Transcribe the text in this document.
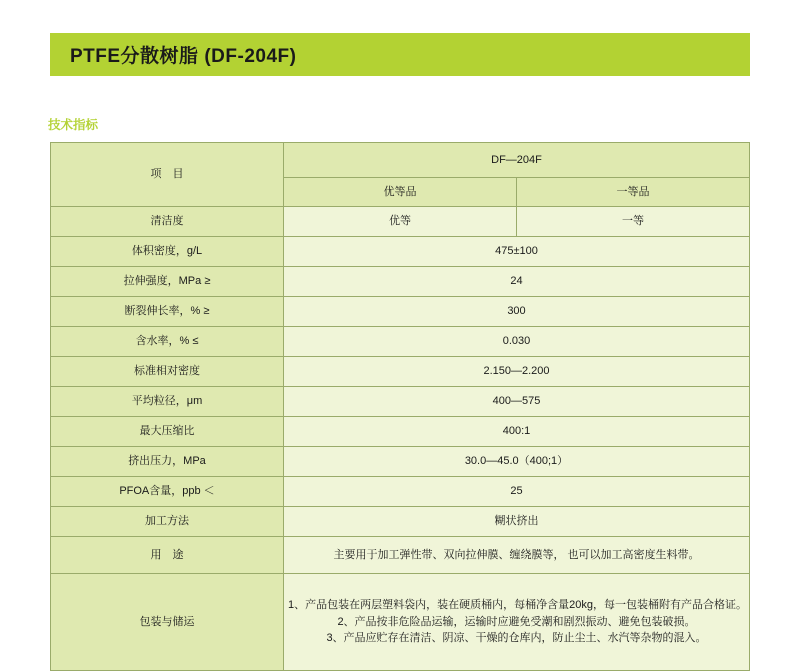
PTFE分散树脂 (DF-204F)
技术指标
项　目	DF—204F	
	优等品	一等品
清洁度	优等	一等
体积密度，g/L	475±100	
拉伸强度，MPa ≥	24	
断裂伸长率，% ≥	300	
含水率，% ≤	0.030	
标准相对密度	2.150—2.200	
平均粒径，μm	400—575	
最大压缩比	400:1	
挤出压力，MPa	30.0—45.0（400;1）	
PFOA含量，ppb ＜	25	
加工方法	糊状挤出	
用　途	主要用于加工弹性带、双向拉伸膜、缠绕膜等， 也可以加工高密度生料带。	
包装与储运	1、产品包装在两层塑料袋内，装在硬质桶内，每桶净含量20kg，每一包装桶附有产品合格证。
2、产品按非危险品运输，运输时应避免受潮和剧烈振动、避免包装破损。
3、产品应贮存在清洁、阴凉、干燥的仓库内，防止尘土、水汽等杂物的混入。	
